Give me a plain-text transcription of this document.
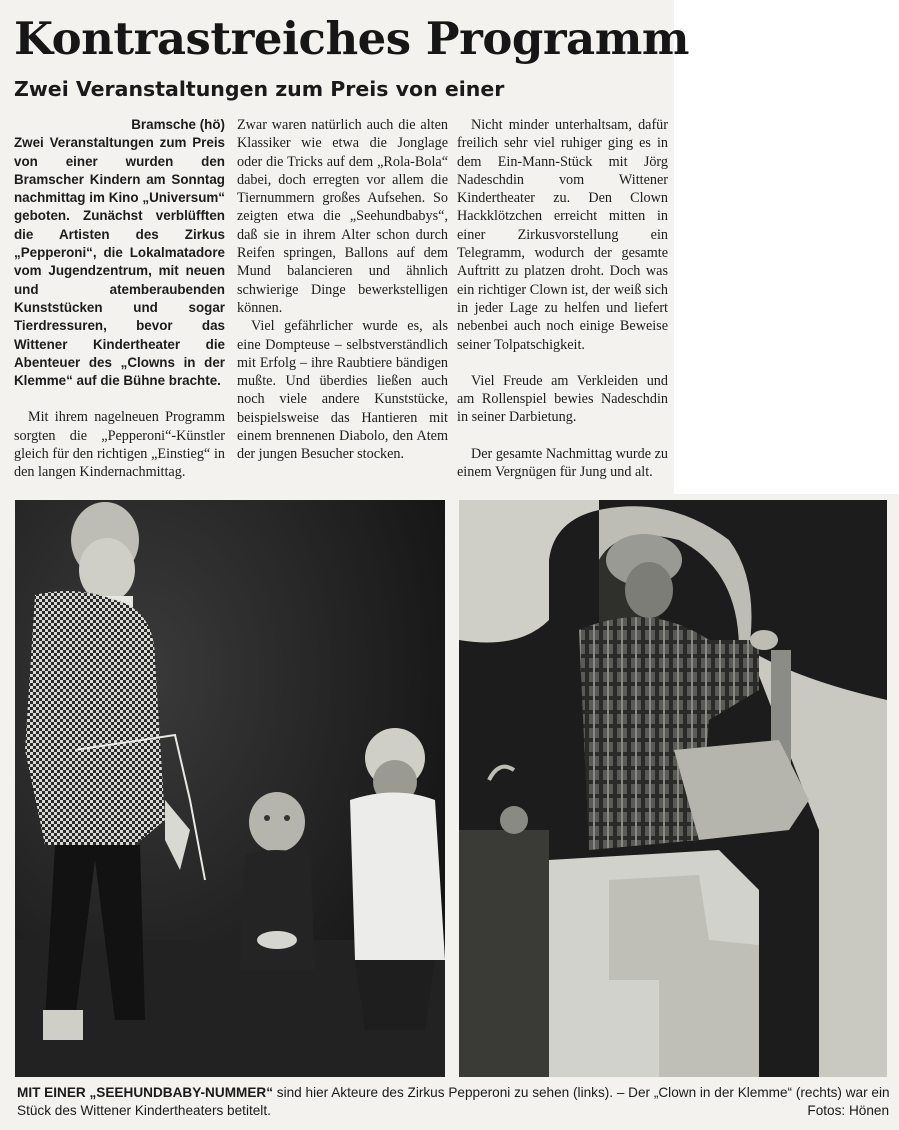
Kontrastreiches Programm
Zwei Veranstaltungen zum Preis von einer

Bramsche (hö)
Zwei Veranstaltungen zum Preis von einer wurden den Bramscher Kindern am Sonntag nachmittag im Kino „Universum“ geboten. Zunächst verblüfften die Artisten des Zirkus „Pepperoni“, die Lokalmatadore vom Jugendzentrum, mit neuen und atemberaubenden Kunststücken und sogar Tierdressuren, bevor das Wittener Kindertheater die Abenteuer des „Clowns in der Klemme“ auf die Bühne brachte.

Mit ihrem nagelneuen Programm sorgten die „Pepperoni“-Künstler gleich für den richtigen „Einstieg“ in den langen Kindernachmittag.

Zwar waren natürlich auch die alten Klassiker wie etwa die Jonglage oder die Tricks auf dem „Rola-Bola“ dabei, doch erregten vor allem die Tiernummern großes Aufsehen. So zeigten etwa die „Seehundbabys“, daß sie in ihrem Alter schon durch Reifen springen, Ballons auf dem Mund balancieren und ähnlich schwierige Dinge bewerkstelligen können.

Viel gefährlicher wurde es, als eine Dompteuse – selbstverständlich mit Erfolg – ihre Raubtiere bändigen mußte. Und überdies ließen auch noch viele andere Kunststücke, beispielsweise das Hantieren mit einem brennenen Diabolo, den Atem der jungen Besucher stocken.

Nicht minder unterhaltsam, dafür freilich sehr viel ruhiger ging es in dem Ein-Mann-Stück mit Jörg Nadeschdin vom Wittener Kindertheater zu. Den Clown Hackklötzchen erreicht mitten in einer Zirkusvorstellung ein Telegramm, wodurch der gesamte Auftritt zu platzen droht. Doch was ein richtiger Clown ist, der weiß sich in jeder Lage zu helfen und liefert nebenbei auch noch einige Beweise seiner Tolpatschigkeit.

Viel Freude am Verkleiden und am Rollenspiel bewies Nadeschdin in seiner Darbietung.

Der gesamte Nachmittag wurde zu einem Vergnügen für Jung und alt.

MIT EINER „SEEHUNDBABY-NUMMER“ sind hier Akteure des Zirkus Pepperoni zu sehen (links). – Der „Clown in der Klemme“ (rechts) war ein Stück des Wittener Kindertheaters betitelt.	Fotos: Hönen
